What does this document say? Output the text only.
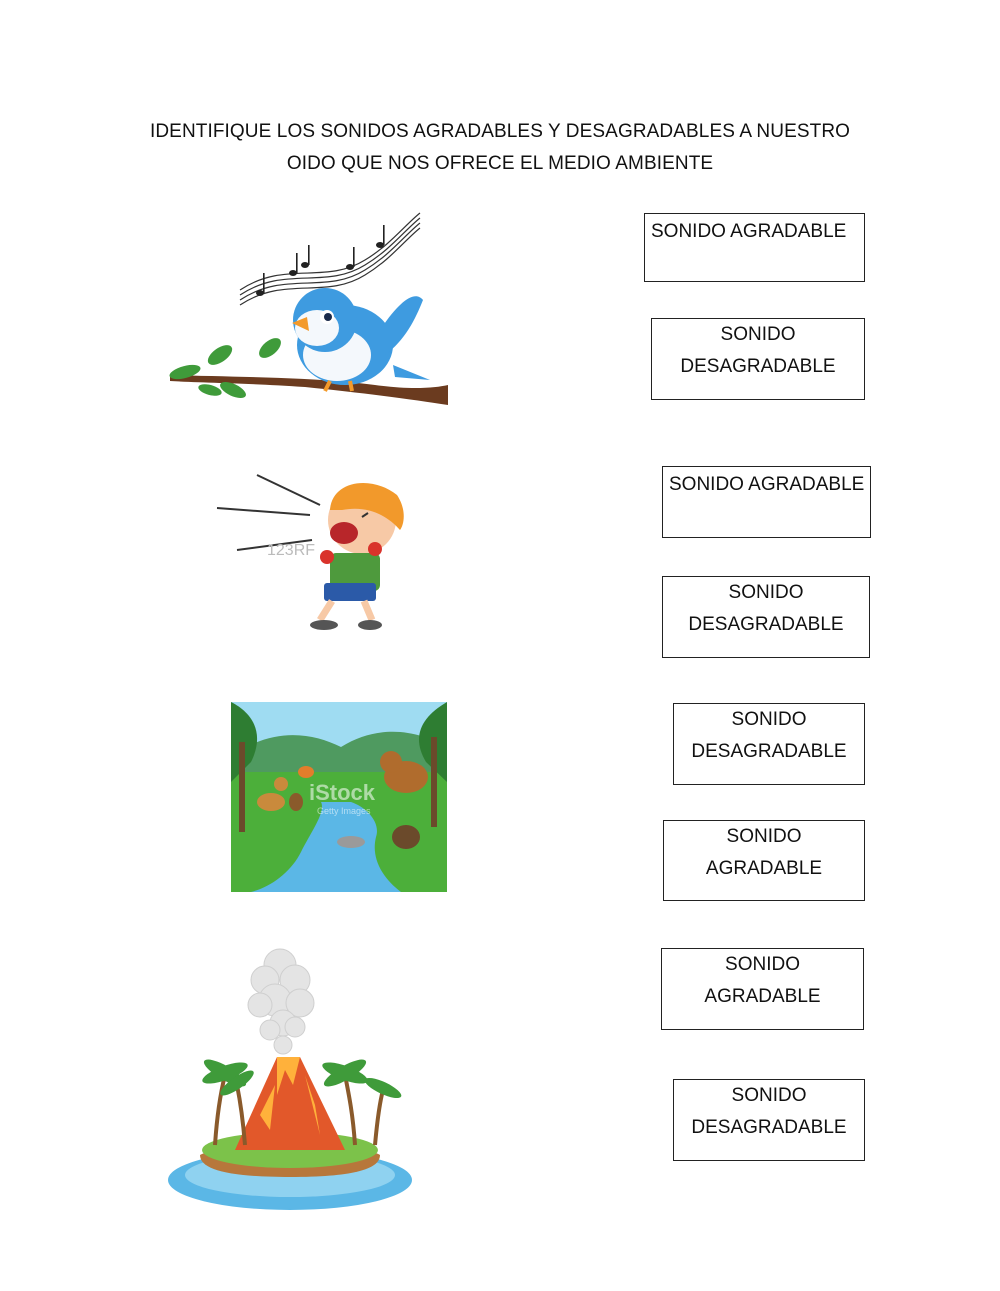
IDENTIFIQUE LOS SONIDOS AGRADABLES Y DESAGRADABLES A NUESTRO
OIDO QUE NOS OFRECE EL MEDIO AMBIENTE
123RF
iStock
Getty Images
SONIDO AGRADABLE
SONIDO
DESAGRADABLE
SONIDO AGRADABLE
SONIDO
DESAGRADABLE
SONIDO
DESAGRADABLE
SONIDO
AGRADABLE
SONIDO
AGRADABLE
SONIDO
DESAGRADABLE
